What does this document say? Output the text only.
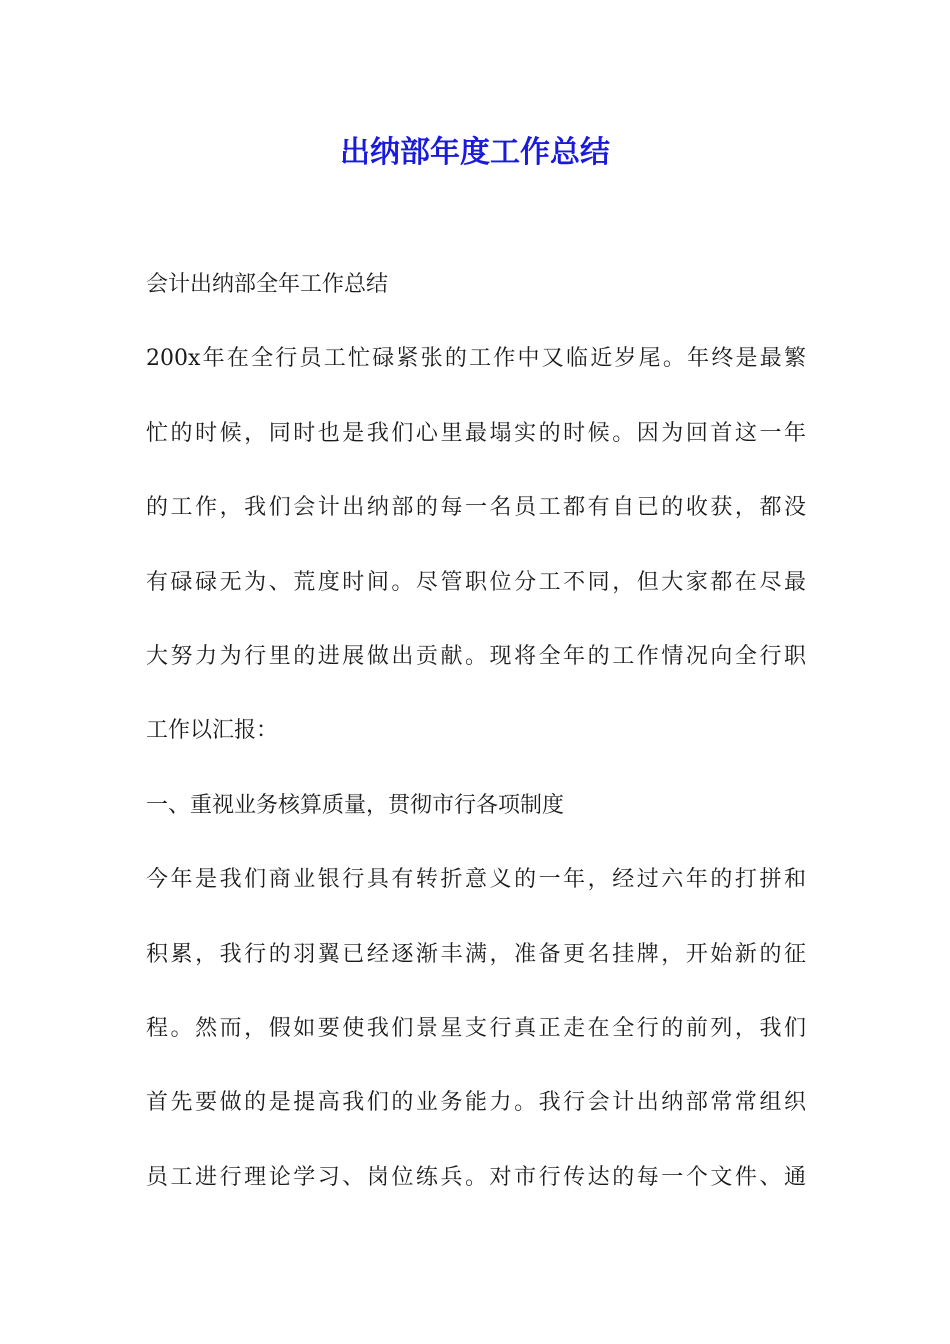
出纳部年度工作总结
会计出纳部全年工作总结
200x年在全行员工忙碌紧张的工作中又临近岁尾。年终是最繁
忙的时候，同时也是我们心里最塌实的时候。因为回首这一年
的工作，我们会计出纳部的每一名员工都有自已的收获，都没
有碌碌无为、荒度时间。尽管职位分工不同，但大家都在尽最
大努力为行里的进展做出贡献。现将全年的工作情况向全行职
工作以汇报：
一、重视业务核算质量，贯彻市行各项制度
今年是我们商业银行具有转折意义的一年，经过六年的打拼和
积累，我行的羽翼已经逐渐丰满，准备更名挂牌，开始新的征
程。然而，假如要使我们景星支行真正走在全行的前列，我们
首先要做的是提高我们的业务能力。我行会计出纳部常常组织
员工进行理论学习、岗位练兵。对市行传达的每一个文件、通
